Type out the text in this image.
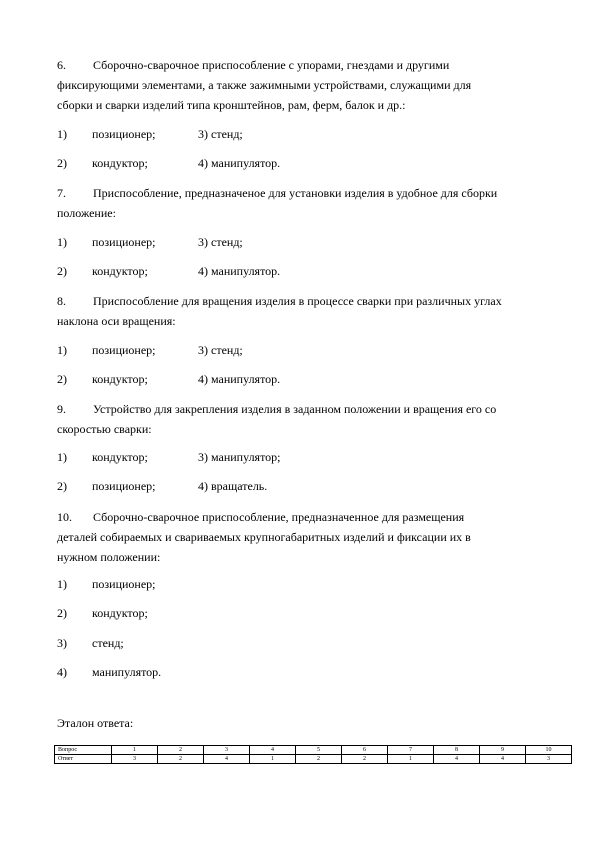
6. Сборочно-сварочное приспособление с упорами, гнездами и другими
фиксирующими элементами, а также зажимными устройствами, служащими для
сборки и сварки изделий типа кронштейнов, рам, ферм, балок и др.:
1) позиционер;	3) стенд;
2) кондуктор;	4) манипулятор.
7. Приспособление, предназначеное для установки изделия в удобное для сборки
положение:
1) позиционер;	3) стенд;
2) кондуктор;	4) манипулятор.
8. Приспособление для вращения изделия в процессе сварки при различных углах
наклона оси вращения:
1) позиционер;	3) стенд;
2) кондуктор;	4) манипулятор.
9. Устройство для закрепления изделия в заданном положении и вращения его со
скоростью сварки:
1) кондуктор;	3) манипулятор;
2) позиционер;	4) вращатель.
10. Сборочно-сварочное приспособление, предназначенное для размещения
деталей собираемых и свариваемых крупногабаритных изделий и фиксации их в
нужном положении:
1) позиционер;
2) кондуктор;
3) стенд;
4) манипулятор.
Эталон ответа:
Вопрос	1	2	3	4	5	6	7	8	9	10
Ответ	3	2	4	1	2	2	1	4	4	3
